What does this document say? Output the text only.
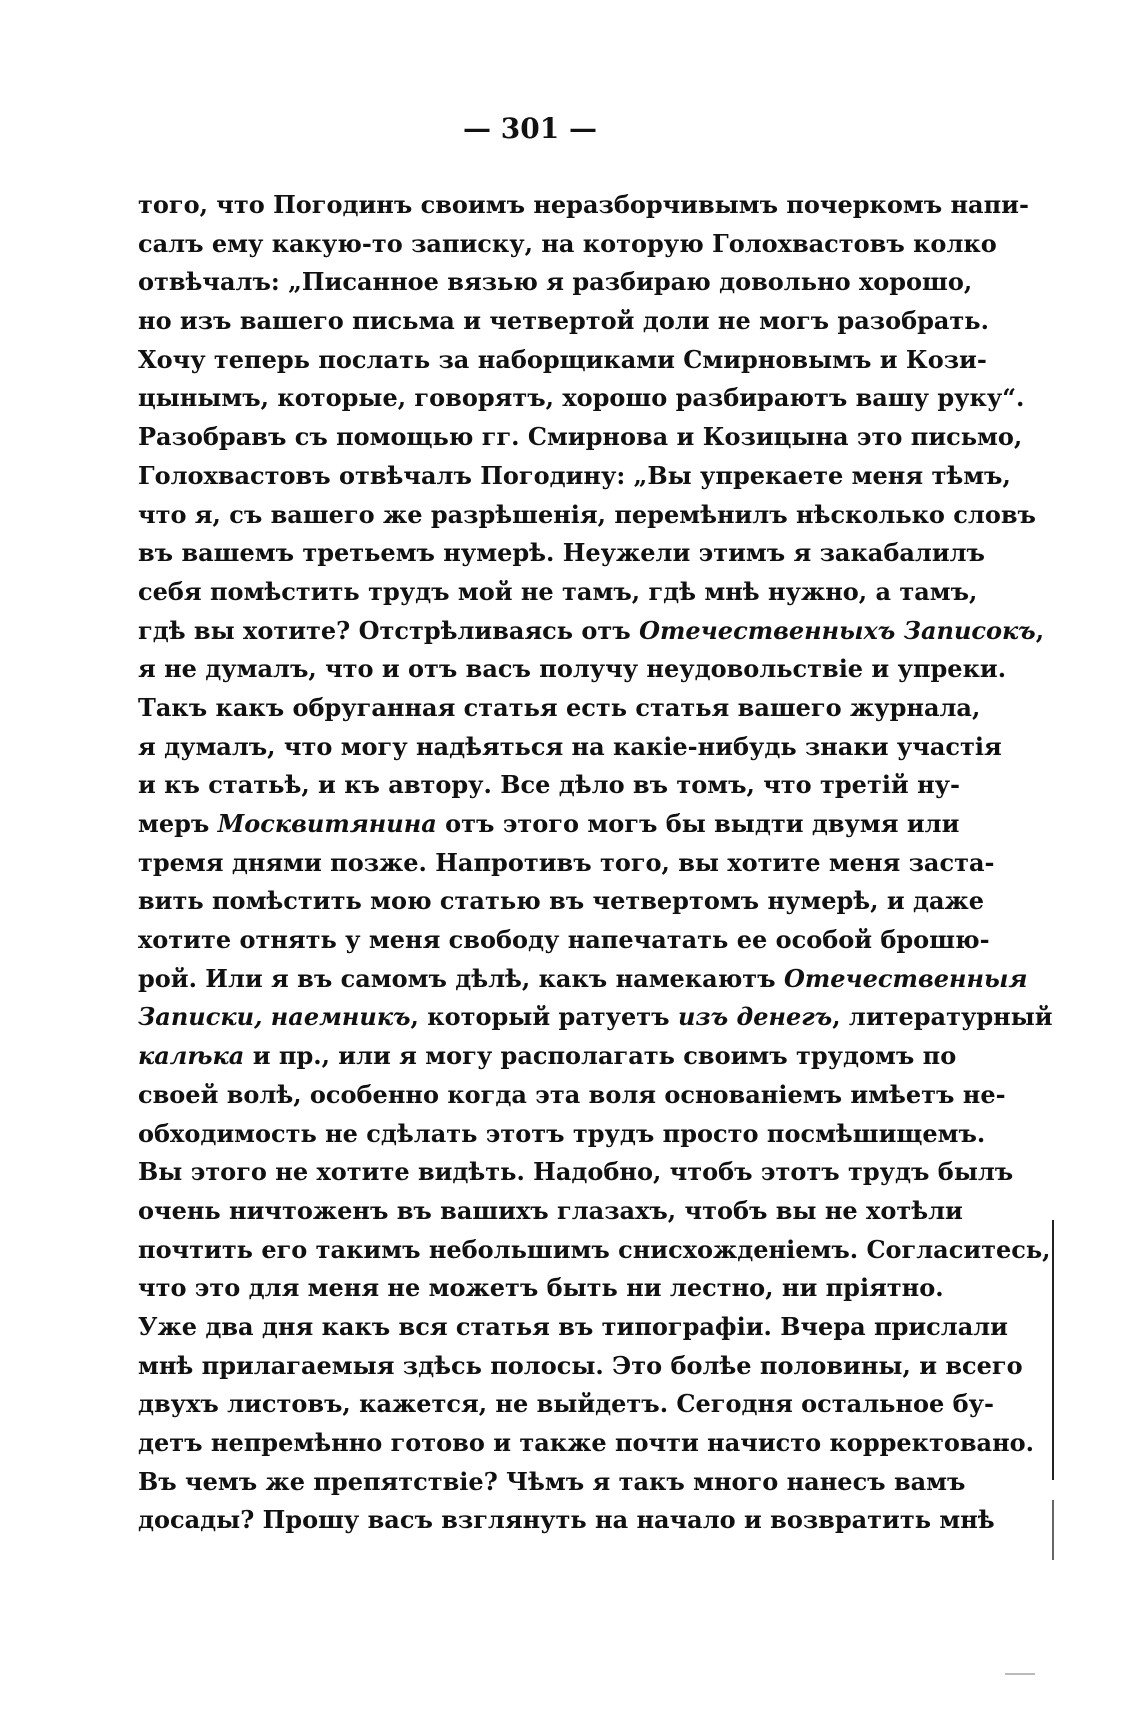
— 301 —
того, что Погодинъ своимъ неразборчивымъ почеркомъ напи-
салъ ему какую-то записку, на которую Голохвастовъ колко
отвѣчалъ: „Писанное вязью я разбираю довольно хорошо,
но изъ вашего письма и четвертой доли не могъ разобрать.
Хочу теперь послать за наборщиками Смирновымъ и Кози-
цынымъ, которые, говорятъ, хорошо разбираютъ вашу руку“.
Разобравъ съ помощью гг. Смирнова и Козицына это письмо,
Голохвастовъ отвѣчалъ Погодину: „Вы упрекаете меня тѣмъ,
что я, съ вашего же разрѣшенія, перемѣнилъ нѣсколько словъ
въ вашемъ третьемъ нумерѣ. Неужели этимъ я закабалилъ
себя помѣстить трудъ мой не тамъ, гдѣ мнѣ нужно, а тамъ,
гдѣ вы хотите? Отстрѣливаясь отъ Отечественныхъ Записокъ,
я не думалъ, что и отъ васъ получу неудовольствіе и упреки.
Такъ какъ обруганная статья есть статья вашего журнала,
я думалъ, что могу надѣяться на какіе-нибудь знаки участія
и къ статьѣ, и къ автору. Все дѣло въ томъ, что третій ну-
меръ Москвитянина отъ этого могъ бы выдти двумя или
тремя днями позже. Напротивъ того, вы хотите меня заста-
вить помѣстить мою статью въ четвертомъ нумерѣ, и даже
хотите отнять у меня свободу напечатать ее особой брошю-
рой. Или я въ самомъ дѣлѣ, какъ намекаютъ Отечественныя
Записки, наемникъ, который ратуетъ изъ денегъ, литературный
калѣка и пр., или я могу располагать своимъ трудомъ по
своей волѣ, особенно когда эта воля основаніемъ имѣетъ не-
обходимость не сдѣлать этотъ трудъ просто посмѣшищемъ.
Вы этого не хотите видѣть. Надобно, чтобъ этотъ трудъ былъ
очень ничтоженъ въ вашихъ глазахъ, чтобъ вы не хотѣли
почтить его такимъ небольшимъ снисхожденіемъ. Согласитесь,
что это для меня не можетъ быть ни лестно, ни пріятно.
Уже два дня какъ вся статья въ типографіи. Вчера прислали
мнѣ прилагаемыя здѣсь полосы. Это болѣе половины, и всего
двухъ листовъ, кажется, не выйдетъ. Сегодня остальное бу-
детъ непремѣнно готово и также почти начисто корректовано.
Въ чемъ же препятствіе? Чѣмъ я такъ много нанесъ вамъ
досады? Прошу васъ взглянуть на начало и возвратить мнѣ
